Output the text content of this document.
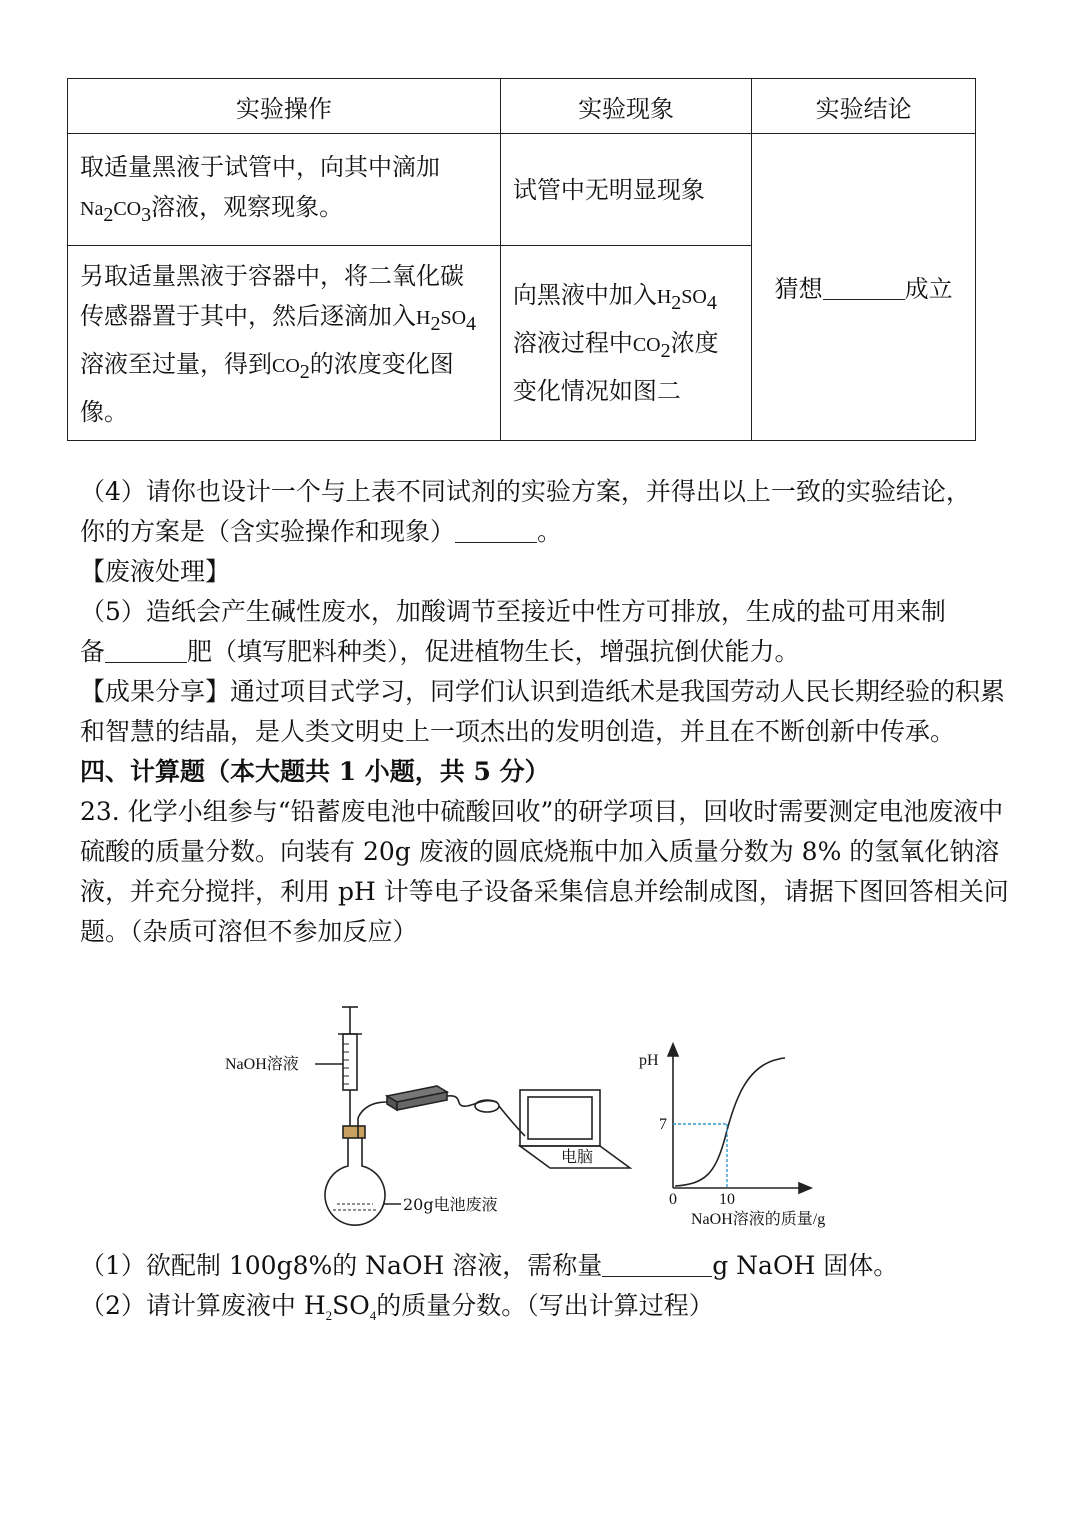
实验操作	实验现象	实验结论
取适量黑液于试管中，向其中滴加
$Na_2CO_3$溶液，观察现象。	试管中无明显现象	猜想 成立
另取适量黑液于容器中，将二氧化碳传感器置于其中，然后逐滴加入$H_2SO_4$溶液至过量，得到$CO_2$的浓度变化图像。	向黑液中加入$H_2SO_4$溶液过程中$CO_2$浓度变化情况如图二	

（4）请你也设计一个与上表不同试剂的实验方案，并得出以上一致的实验结论，

你的方案是（含实验操作和现象）	。

【废液处理】

（5）造纸会产生碱性废水，加酸调节至接近中性方可排放，生成的盐可用来制

备	肥（填写肥料种类），促进植物生长，增强抗倒伏能力。

【成果分享】通过项目式学习，同学们认识到造纸术是我国劳动人民长期经验的积累和智慧的结晶，是人类文明史上一项杰出的发明创造，并且在不断创新中传承。

四、计算题（本大题共 1 小题，共 5 分）

23. 化学小组参与“铅蓄废电池中硫酸回收”的研学项目，回收时需要测定电池废液中硫酸的质量分数。向装有 20g 废液的圆底烧瓶中加入质量分数为 8% 的氢氧化钠溶液，并充分搅拌，利用 pH 计等电子设备采集信息并绘制成图，请据下图回答相关问题。（杂质可溶但不参加反应）

NaOH溶液
电脑
20g电池废液
pH
7
0	10
NaOH溶液的质量/g

（1）欲配制 100g8%的 NaOH 溶液，需称量	g NaOH 固体。

（2）请计算废液中 $H_2SO_4$的质量分数。（写出计算过程）
